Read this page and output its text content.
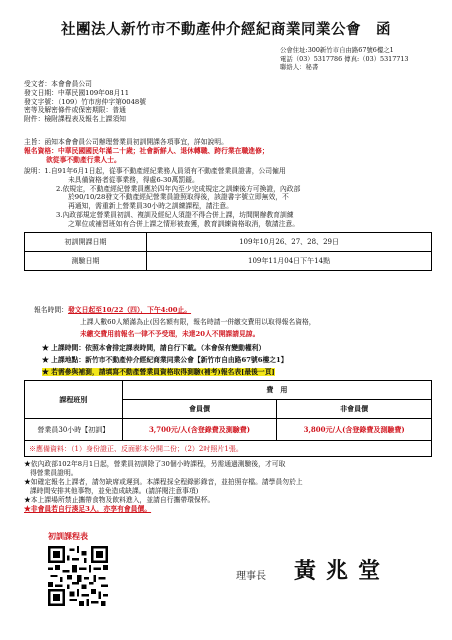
社團法人新竹市不動產仲介經紀商業同業公會　函
公會住址:300新竹市自由路67號6樓之1
電話（03）5317786 傳真:（03）5317713
聯絡人：秘書
受文者：本會會員公司
發文日期：中華民國109年08月11
發文字號：（109）竹市房仲字第0048號
密等及解密條件或保密期限：普通
附件：檢附課程表及報名上課須知
主旨：函知本會會員公司辦理營業員初訓開課各項事宜，詳如說明。
報名資格：中華民國國民年滿二十歲；社會新鮮人、退休轉職、跨行業在職進修；
欲從事不動產行業人士。
說明：1.自91年6月1日起，從事不動產經紀業務人員須有不動產營業員證書，公司僱用
未具備資格者從事業務，得處6-30萬罰鍰。
2.依規定，不動產經紀營業員應於四年內至少完成規定之訓練後方可換證，內政部
於90/10/28發文不動產經紀營業員證照取得後，該證書字號立即無效，不
再通知，需重新上營業員30小時之訓練課程，請注意。
3.內政部規定營業員初訓、複訓及經紀人須證不得合併上課，坊間開辦教育訓練
之單位或補習班如有合併上課之情形被查獲，教育訓練資格取消，敬請注意。
初訓開課日期	109年10月26、27、28、29日
測驗日期	109年11月04日下午14點
報名時間：發文日起至10/22（四），下午4:00止。
上課人數60人額滿為止(因名額有限，報名時請一併繳交費用以取得報名資格，
未繳交費用前報名一律不予受理，未達20人不開課請見諒。
★ 上課時間：依照本會排定課表時間，請自行下載。（本會保有變動權利）
★ 上課地點：新竹市不動產仲介經紀商業同業公會【新竹市自由路67號6樓之1】
★ 若需參與補測，請填寫不動產營業員資格取得測驗(補考)報名表[最後一頁]
課程班別	費　用	
	會員價	非會員價
營業員30小時【初訓】	3,700元/人(含登錄費及測驗費)	3,800元/人(含登錄費及測驗費)
※應備資料：（1）身份證正、反面影本分開二份；（2）2吋照片1張。		
★依內政部102年8月1日起，營業員初訓除了30個小時課程，另需通過測驗後，才可取
得營業員證明。
★如確定報名上課者，請勿缺席或遲到。本課程採全程錄影錄音，並拍照存檔。請學員勿於上
課時間安排其他事物，並免造成缺課。(請詳閱注意事項)
★本上課場所禁止攜帶食物及飲料進入，並請自行攜帶環保杯。
★非會員若自行湊足3人，亦享有會員價。
初訓課程表
理事長 黃兆堂
